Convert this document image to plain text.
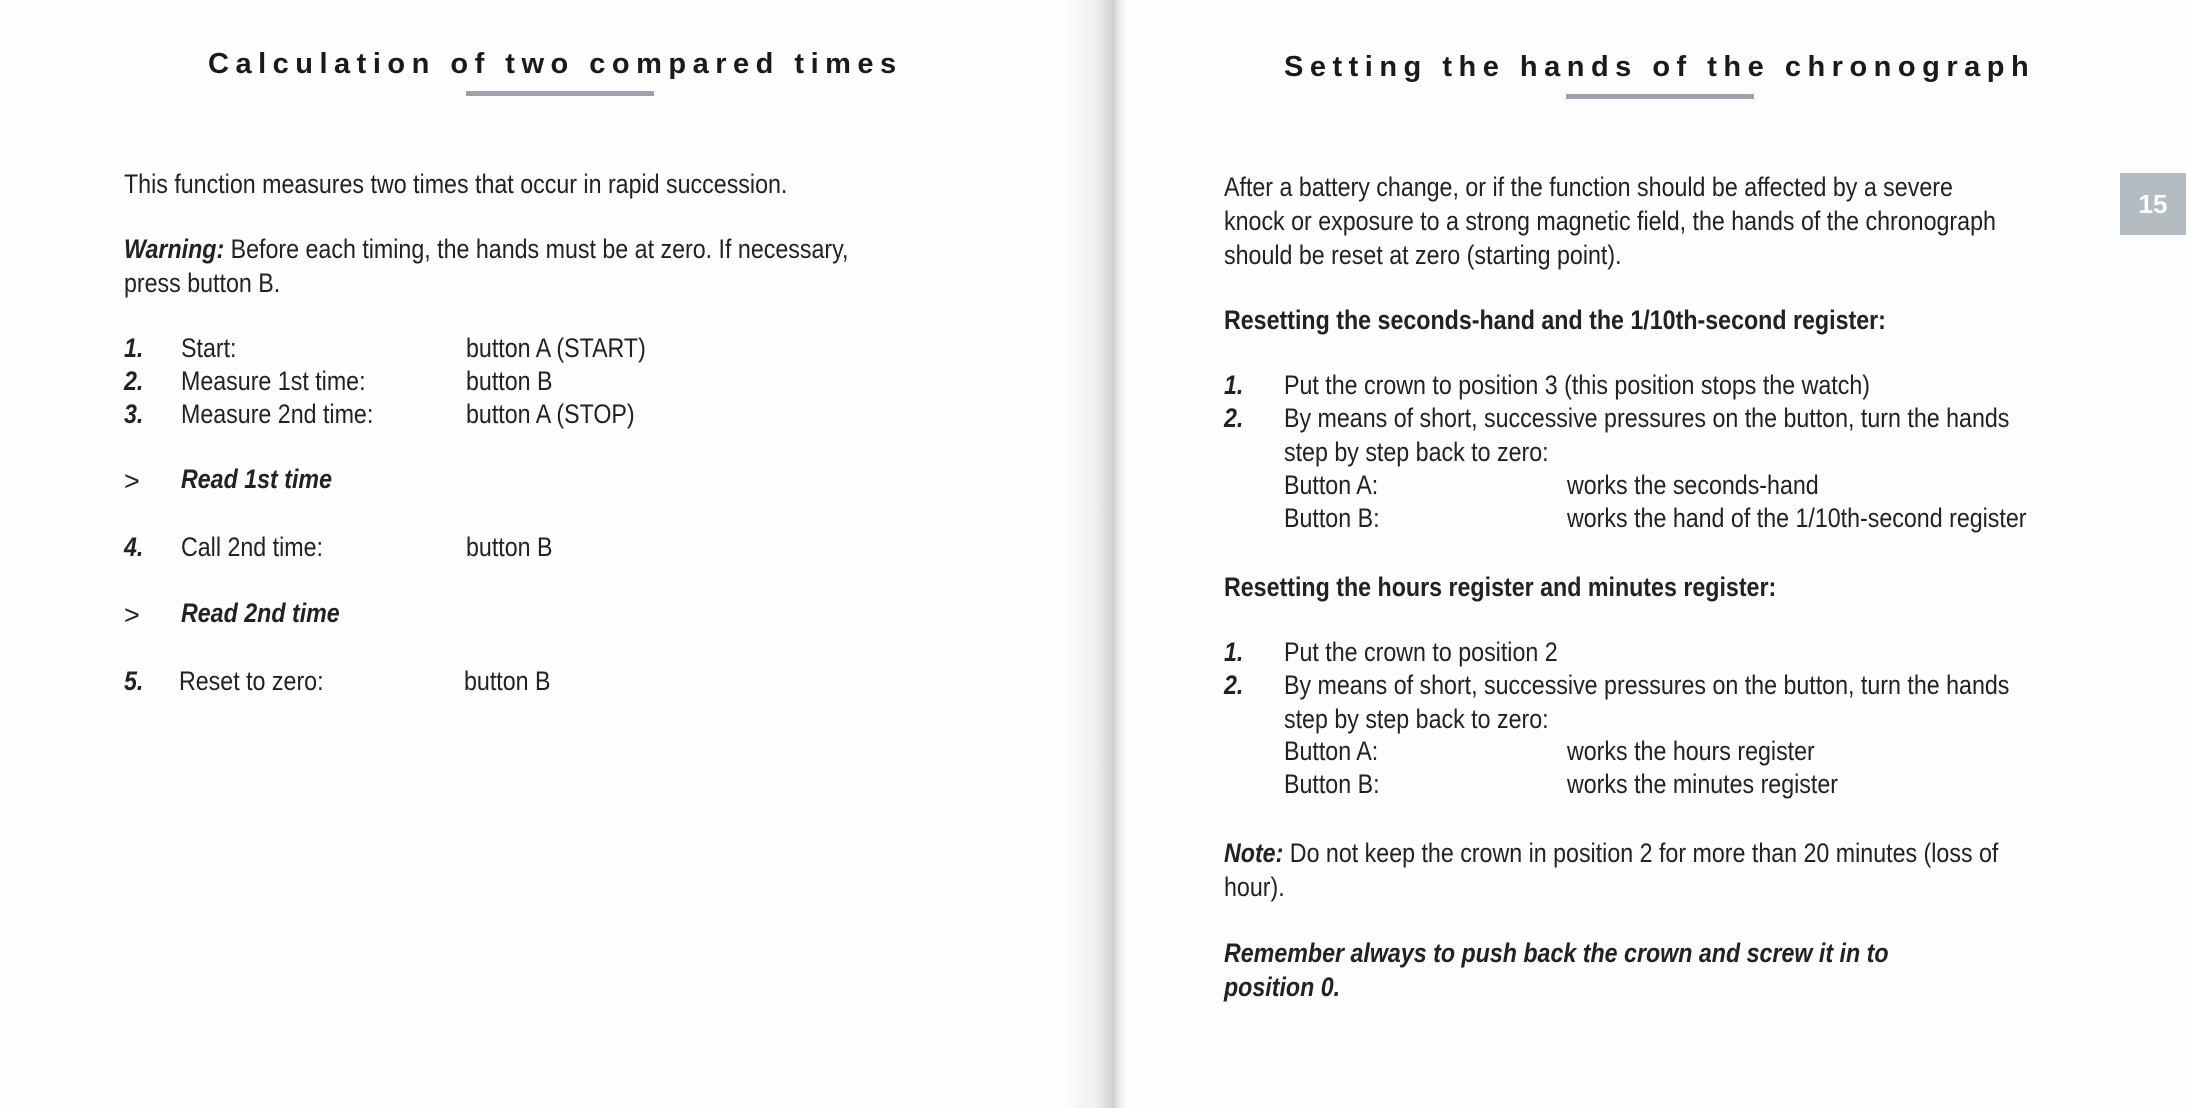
Calculation of two compared times
This function measures two times that occur in rapid succession.
Warning: Before each timing, the hands must be at zero. If necessary,
press button B.
1. Start:	button A (START)
2. Measure 1st time:	button B
3. Measure 2nd time:	button A (STOP)
> Read 1st time
4. Call 2nd time:	button B
> Read 2nd time
5. Reset to zero:	button B
Setting the hands of the chronograph
15
After a battery change, or if the function should be affected by a severe
knock or exposure to a strong magnetic field, the hands of the chronograph
should be reset at zero (starting point).
Resetting the seconds-hand and the 1/10th-second register:
1. Put the crown to position 3 (this position stops the watch)
2. By means of short, successive pressures on the button, turn the hands
step by step back to zero:
Button A:	works the seconds-hand
Button B:	works the hand of the 1/10th-second register
Resetting the hours register and minutes register:
1. Put the crown to position 2
2. By means of short, successive pressures on the button, turn the hands
step by step back to zero:
Button A:	works the hours register
Button B:	works the minutes register
Note: Do not keep the crown in position 2 for more than 20 minutes (loss of
hour).
Remember always to push back the crown and screw it in to
position 0.
